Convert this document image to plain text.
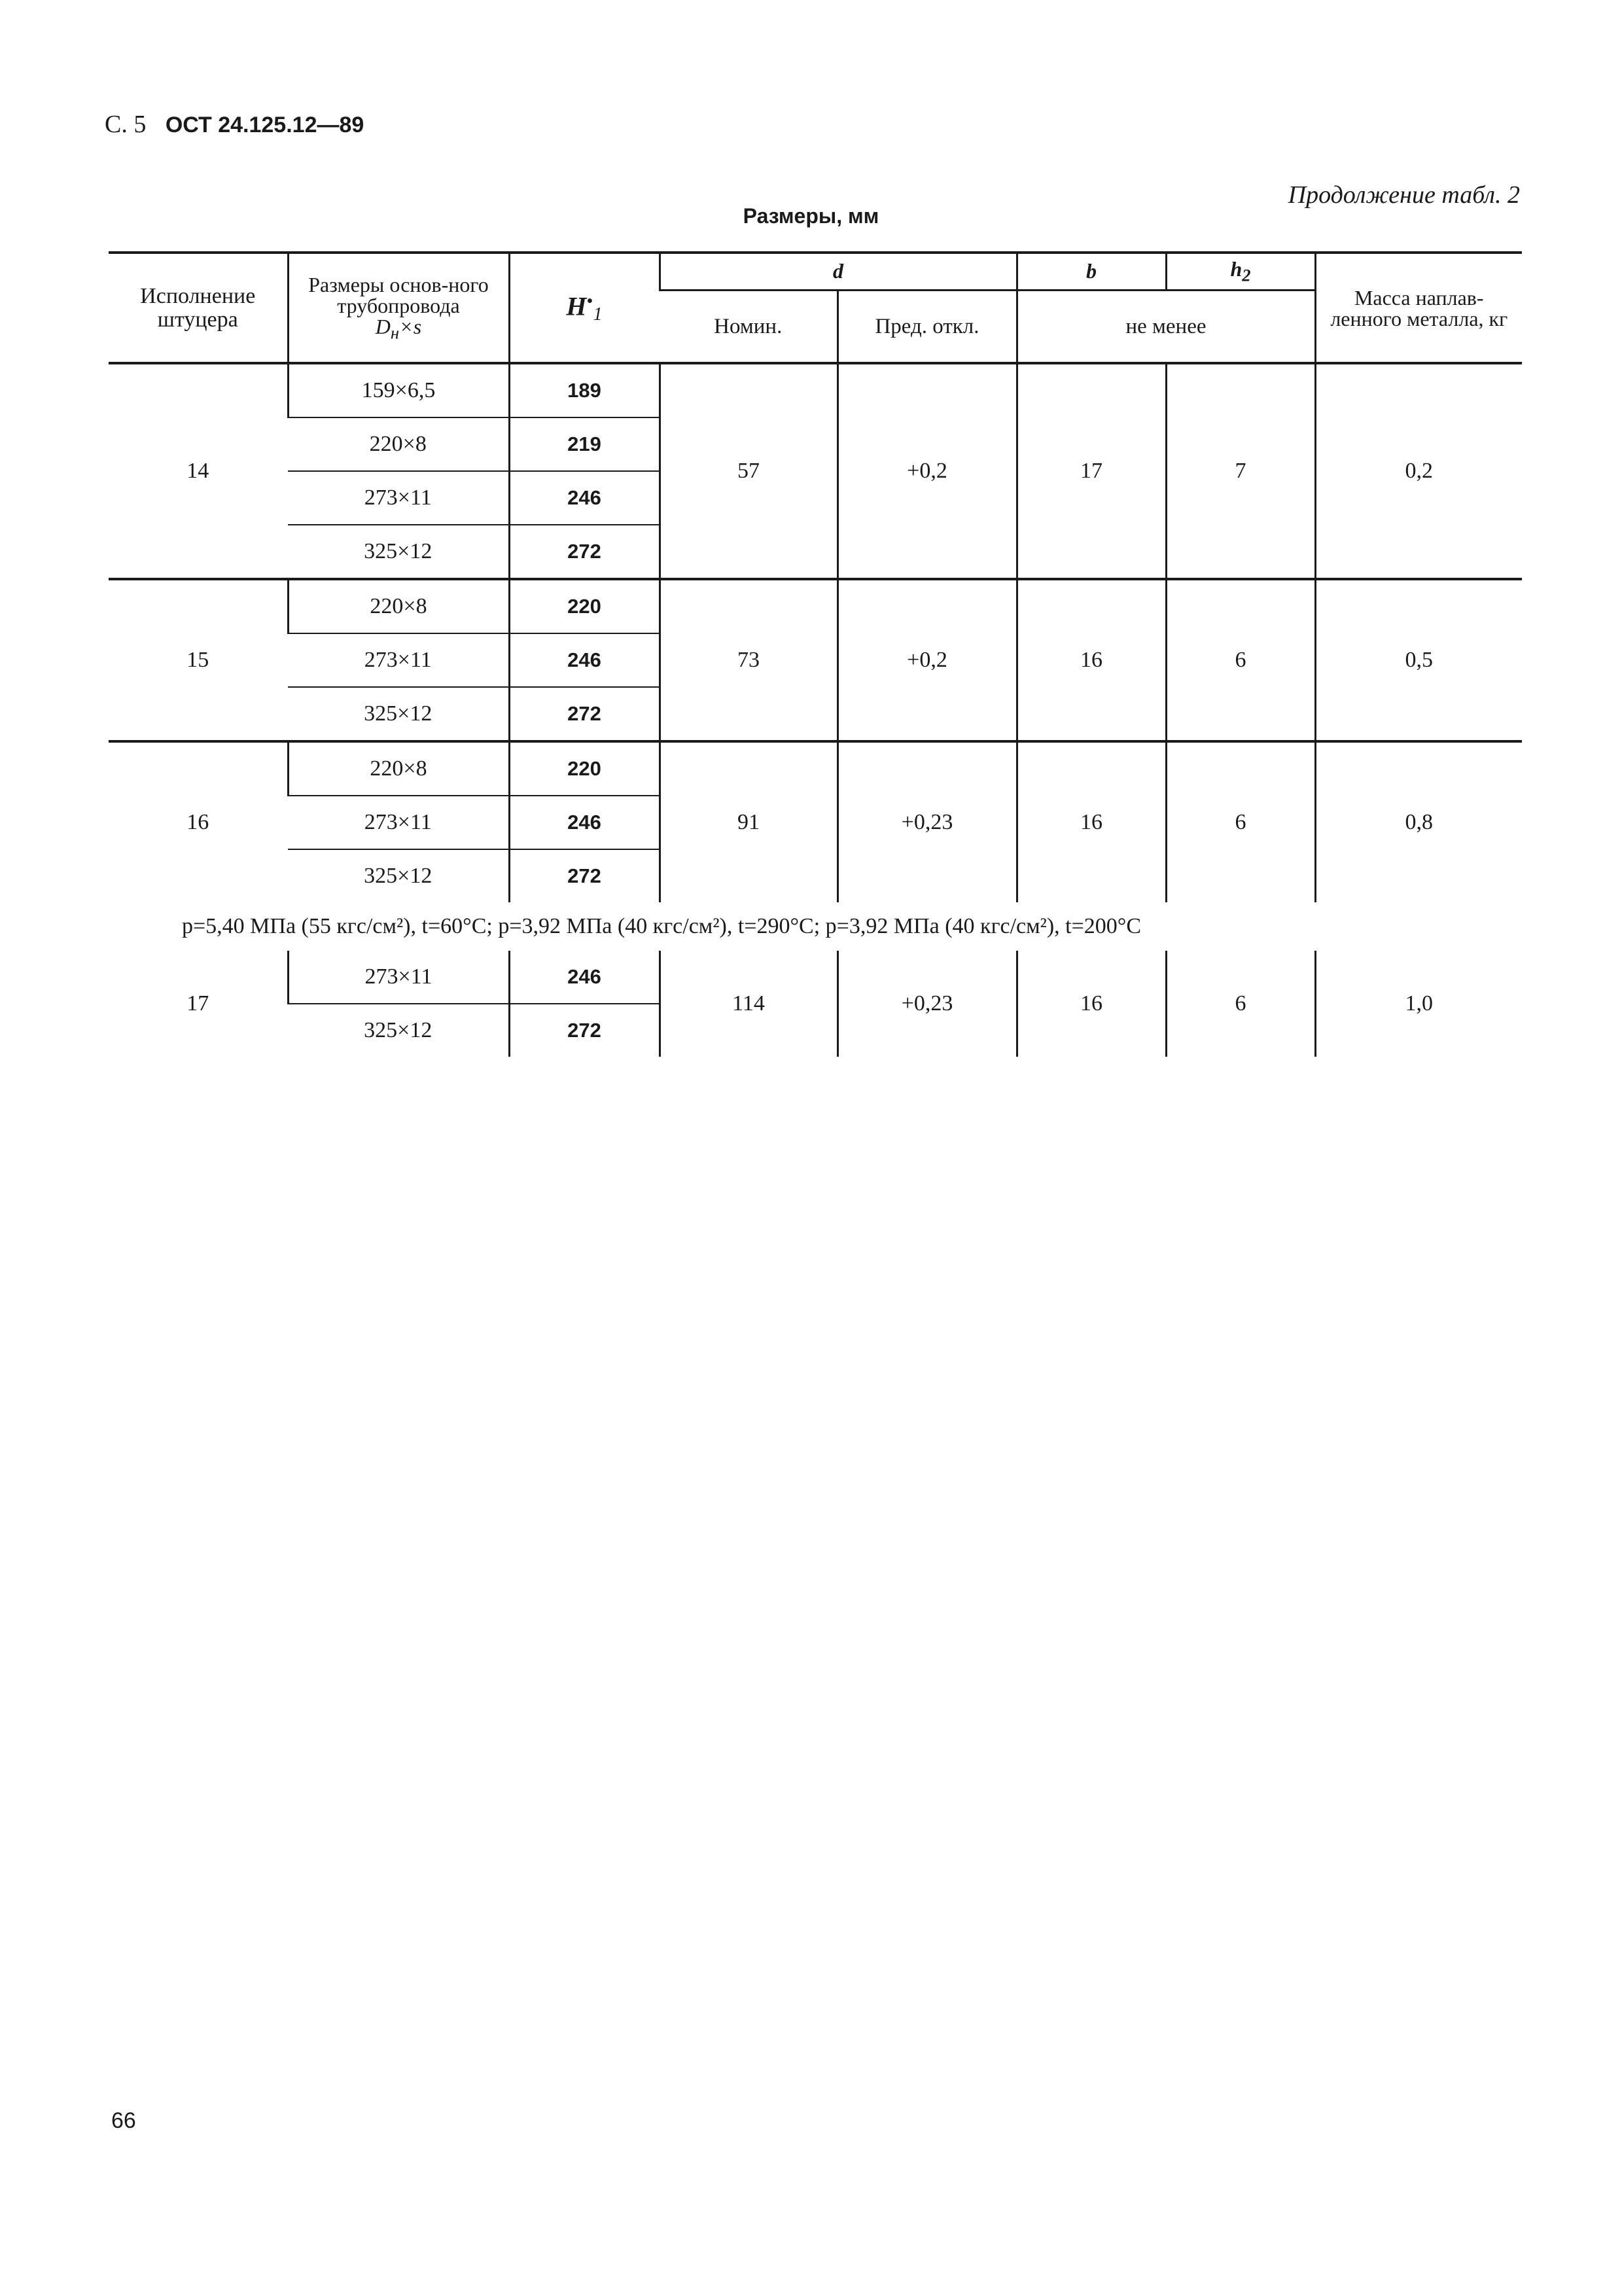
С. 5 ОСТ 24.125.12—89
Продолжение табл. 2
Размеры, мм
Исполнение штуцера	Размеры основ-ного трубопровода
$D_н\times s$	$H^•_1$	d		b	$h_2$	Масса наплав-ленного металла, кг
			Номин.	Пред. откл.	не менее		
14	159×6,5	189	57	+0,2	17	7	0,2
	220×8	219					
	273×11	246					
	325×12	272					
15	220×8	220	73	+0,2	16	6	0,5
	273×11	246					
	325×12	272					
16	220×8	220	91	+0,23	16	6	0,8
	273×11	246					
	325×12	272					
p=5,40 МПа (55 кгс/см²), t=60°С; p=3,92 МПа (40 кгс/см²), t=290°С; p=3,92 МПа (40 кгс/см²), t=200°С							
17	273×11	246	114	+0,23	16	6	1,0
	325×12	272					
66
